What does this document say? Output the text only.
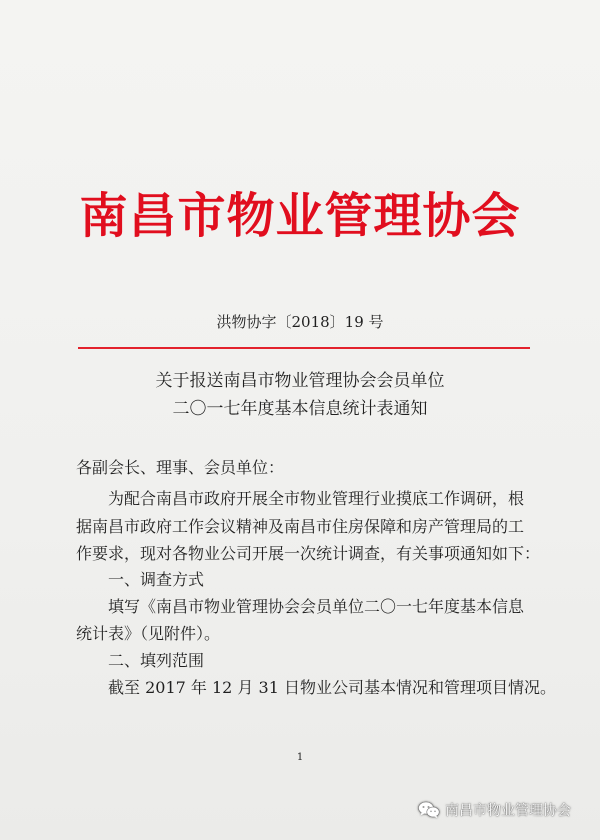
南昌市物业管理协会
洪物协字〔2018〕19 号
关于报送南昌市物业管理协会会员单位
二〇一七年度基本信息统计表通知
各副会长、理事、会员单位：
为配合南昌市政府开展全市物业管理行业摸底工作调研，根
据南昌市政府工作会议精神及南昌市住房保障和房产管理局的工
作要求，现对各物业公司开展一次统计调查，有关事项通知如下：
一、调查方式
填写《南昌市物业管理协会会员单位二〇一七年度基本信息
统计表》（见附件）。
二、填列范围
截至 2017 年 12 月 31 日物业公司基本情况和管理项目情况。
1
南昌市物业管理协会
